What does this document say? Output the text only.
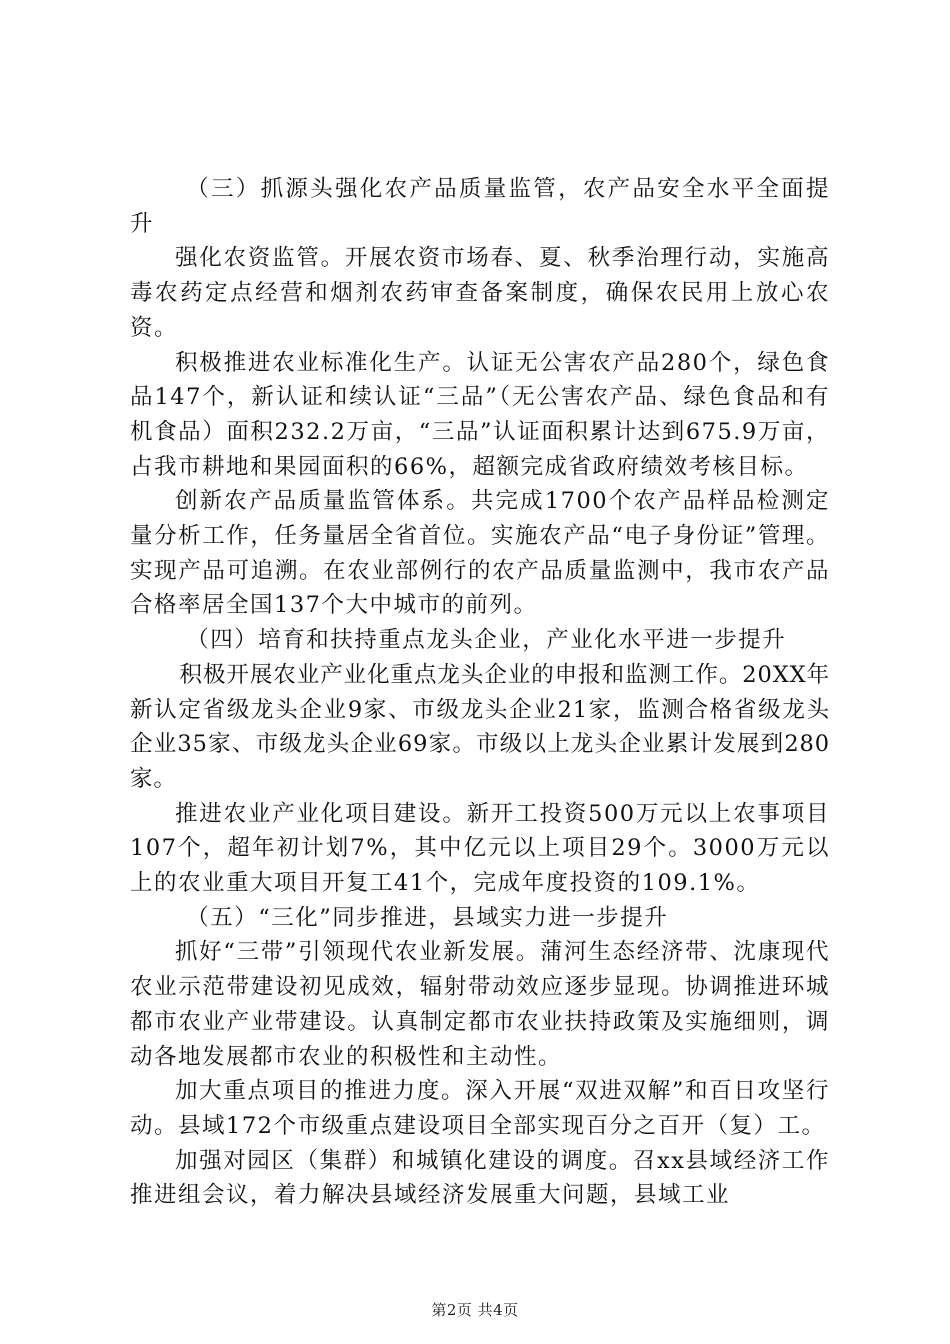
（三）抓源头强化农产品质量监管，农产品安全水平全面提升

强化农资监管。开展农资市场春、夏、秋季治理行动，实施高毒农药定点经营和烟剂农药审查备案制度，确保农民用上放心农资。

积极推进农业标准化生产。认证无公害农产品280个，绿色食品147个，新认证和续认证“三品”（无公害农产品、绿色食品和有机食品）面积232.2万亩，“三品”认证面积累计达到675.9万亩，占我市耕地和果园面积的66%，超额完成省政府绩效考核目标。

创新农产品质量监管体系。共完成1700个农产品样品检测定量分析工作，任务量居全省首位。实施农产品“电子身份证”管理。实现产品可追溯。在农业部例行的农产品质量监测中，我市农产品合格率居全国137个大中城市的前列。

（四）培育和扶持重点龙头企业，产业化水平进一步提升

积极开展农业产业化重点龙头企业的申报和监测工作。20XX年新认定省级龙头企业9家、市级龙头企业21家，监测合格省级龙头企业35家、市级龙头企业69家。市级以上龙头企业累计发展到280家。

推进农业产业化项目建设。新开工投资500万元以上农事项目107个，超年初计划7%，其中亿元以上项目29个。3000万元以上的农业重大项目开复工41个，完成年度投资的109.1%。

（五）“三化”同步推进，县域实力进一步提升

抓好“三带”引领现代农业新发展。蒲河生态经济带、沈康现代农业示范带建设初见成效，辐射带动效应逐步显现。协调推进环城都市农业产业带建设。认真制定都市农业扶持政策及实施细则，调动各地发展都市农业的积极性和主动性。

加大重点项目的推进力度。深入开展“双进双解”和百日攻坚行动。县域172个市级重点建设项目全部实现百分之百开（复）工。

加强对园区（集群）和城镇化建设的调度。召xx县域经济工作推进组会议，着力解决县域经济发展重大问题，县域工业

第2页 共4页
